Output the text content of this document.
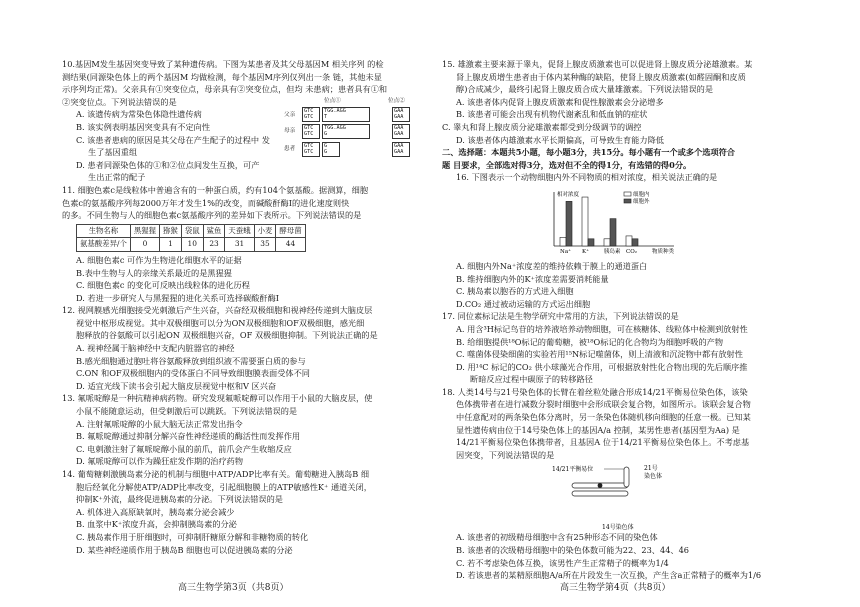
10.基因M发生基因突变导致了某种遗传病。下图为某患者及其父母基因M 相关序列 的检

测结果(同源染色体上的两个基因M 均做检测，每个基因M序列仅列出一条 链，其他未显

示序列均正常)。父亲具有①突变位点，母亲具有②突变位点，但均 未患病；患者具有①和

②突变位点。下列说法错误的是

A. 该遗传病为常染色体隐性遗传病

B. 该实例表明基因突变具有不定向性

C. 该患者患病的原因是其父母在产生配子的过程中 发

生了基因重组

D. 患者同源染色体的①和②位点间发生互换，可产

生出正常的配子

位点①	位点②
父亲
母亲
患者
GTC
GTC
TGG.AGG
T
GAA
GAA
GTC
GTC
TGG.AGG
G
GAA
GAA
GTC
GTC
G
G
GAA
GAA

11. 细胞色素c是线粒体中普遍含有的一种蛋白质，约有104个氨基酸。据测算，细胞

色素c的氨基酸序列每2000万年才发生1%的改变，而碱酸酐酶Ⅰ的进化速度则快

的多。不同生物与人的细胞色素c氨基酸序列的差异如下表所示。下列说法错误的是

生物名称	黑猩猩	猕猴	袋鼠	鲨鱼	天蚕蛾	小麦	酵母菌
氨基酸差异/个	0	1	10	23	31	35	44

A. 细胞色素c 可作为生物进化细胞水平的证据

B.表中生物与人的亲缘关系最近的是黑猩猩

C. 细胞色素c 的变化可反映出线粒体的进化历程

D. 若进一步研究人与黑猩猩的进化关系可选择碳酸酐酶Ⅰ

12. 视网膜感光细胞接受光刺激后产生兴奋，兴奋经双极细胞和视神经传递到大脑皮层

视觉中枢形成视觉。其中双极细胞可以分为ON双极细胞和OF双极细胞，感光细

胞释放的谷氨酸可以引起ON 双极细胞兴奋，OF 双极细胞抑制。下列说法正确的是

A. 视神经属于脑神经中支配内脏器官的神经

B.感光细胞通过胞吐将谷氨酸释放到组织液不需要蛋白质的参与

C.ON 和OF双极细胞内的受体蛋白不同导致细胞膜表面受体不同

D. 适宜光线下读书会引起大脑皮层视觉中枢和V 区兴奋

13. 氟哌啶醇是一种抗精神病药物。研究发现氟哌啶醇可以作用于小鼠的大脑皮层，使

小鼠不能随意运动，但受刺激后可以跳跃。下列说法错误的是

A. 注射氟哌啶醇的小鼠大脑无法正常发出指令

B. 氟哌啶醇通过抑制分解兴奋性神经递质的酶活性而发挥作用

C. 电刺激注射了氟哌啶醇小鼠的前爪，前爪会产生收缩反应

D. 氟哌啶醇可以作为躁狂症发作期的治疗药物

14. 葡萄糖刺激胰岛素分泌的机制与细胞中ATP/ADP比率有关。葡萄糖进入胰岛B 细

胞后经氧化分解使ATP/ADP比率改变，引起细胞膜上的ATP敏感性K⁺ 通道关闭，

抑制K⁺外流，最终促进胰岛素的分泌。下列说法错误的是

A. 机体进入高原缺氧时，胰岛素分泌会减少

B. 血浆中K⁺浓度升高，会抑制胰岛素的分泌

C. 胰岛素作用于肝细胞时，可抑制肝糖原分解和非糖物质的转化

D. 某些神经递质作用于胰岛B 细胞也可以促进胰岛素的分泌

15. 雄激素主要来源于睾丸，促肾上腺皮质激素也可以促进肾上腺皮质分泌雄激素。某

肾上腺皮质增生患者由于体内某种酶的缺陷，使肾上腺皮质激素(如醛固酮和皮质

醇)合成减少，最终引起肾上腺皮质合成大量雄激素。下列说法错误的是

A. 该患者体内促肾上腺皮质激素和促性腺激素会分泌增多

B. 该患者可能会出现有机物代谢紊乱和低血钠的症状

C. 睾丸和肾上腺皮质分泌雄激素都受到分级调节的调控

D. 该患者体内雄激素水平长期偏高，可导致生育能力降低

二、选择题：本题共5小题，每小题3分，共15分。每小题有一个或多个选项符合

题 目要求，全部选对得3分，选对但不全的得1分，有选错的得0分。

16. 下图表示一个动物细胞内外不同物质的相对浓度，相关说法正确的是

相对浓度	细胞内
细胞外
Na⁺ K⁺	胰岛素 CO₂	物质种类

A. 细胞内外Na⁺浓度差的维持依赖于膜上的通道蛋白

B. 维持细胞内外的K⁺浓度差需要消耗能量

C. 胰岛素以胞吞的方式进入细胞

D.CO₂ 通过被动运输的方式运出细胞

17. 同位素标记法是生物学研究中常用的方法，下列说法错误的是

A. 用含³H标记鸟苷的培养液培养动物细胞，可在核糖体、线粒体中检测到放射性

B. 给细胞提供¹⁸O标记的葡萄糖，被¹⁸O标记的化合物均为细胞呼吸的产物

C. 噬菌体侵染细菌的实验若用¹⁵N标记噬菌体，则上清液和沉淀物中都有放射性

D. 用¹⁴C 标记的CO₂ 供小球藻光合作用，可根据放射性化合物出现的先后顺序推

断暗反应过程中碳原子的转移路径

18. 人类14号与21号染色体的长臂在着丝粒处融合形成14/21平衡易位染色体，该染

色体携带者在进行减数分裂时细胞中会形成联会复合物，如图所示。该联会复合物

中任意配对的两条染色体分离时，另一条染色体随机移向细胞的任意一极。已知某

显性遗传病由位于14号染色体上的基因A/a 控制，某男性患者(基因型为Aa) 是

14/21平衡易位染色体携带者，且基因A 位于14/21平衡易位染色体上。不考虑基

因突变，下列说法错误的是

14/21平衡易位	21号
染色体
14号染色体

A. 该患者的初级精母细胞中含有25种形态不同的染色体

B. 该患者的次级精母细胞中的染色体数可能为22、23、44、46

C. 若不考虑染色体互换，该男性产生正常精子的概率为1/4

D. 若该患者的某精原细胞A/a所在片段发生一次互换，产生含a正常精子的概率为1/6

高三生物学第3页（共8页）	高三生物学第4页（共8页）
